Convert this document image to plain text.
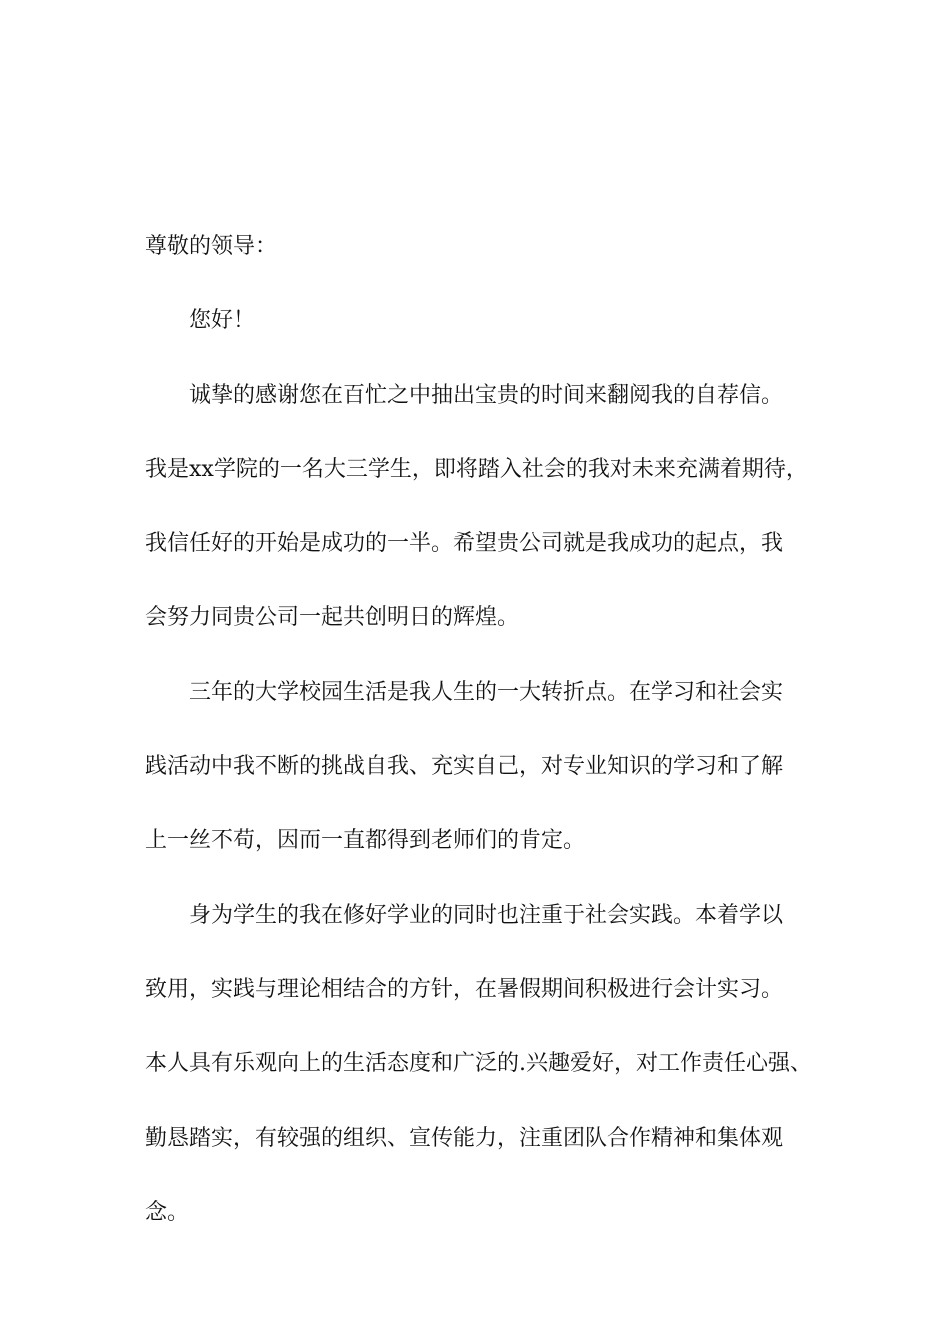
尊敬的领导：
您好！
诚挚的感谢您在百忙之中抽出宝贵的时间来翻阅我的自荐信。
我是xx学院的一名大三学生，即将踏入社会的我对未来充满着期待，
我信任好的开始是成功的一半。希望贵公司就是我成功的起点，我
会努力同贵公司一起共创明日的辉煌。
三年的大学校园生活是我人生的一大转折点。在学习和社会实
践活动中我不断的挑战自我、充实自己，对专业知识的学习和了解
上一丝不苟，因而一直都得到老师们的肯定。
身为学生的我在修好学业的同时也注重于社会实践。本着学以
致用，实践与理论相结合的方针，在暑假期间积极进行会计实习。
本人具有乐观向上的生活态度和广泛的.兴趣爱好，对工作责任心强、
勤恳踏实，有较强的组织、宣传能力，注重团队合作精神和集体观
念。
